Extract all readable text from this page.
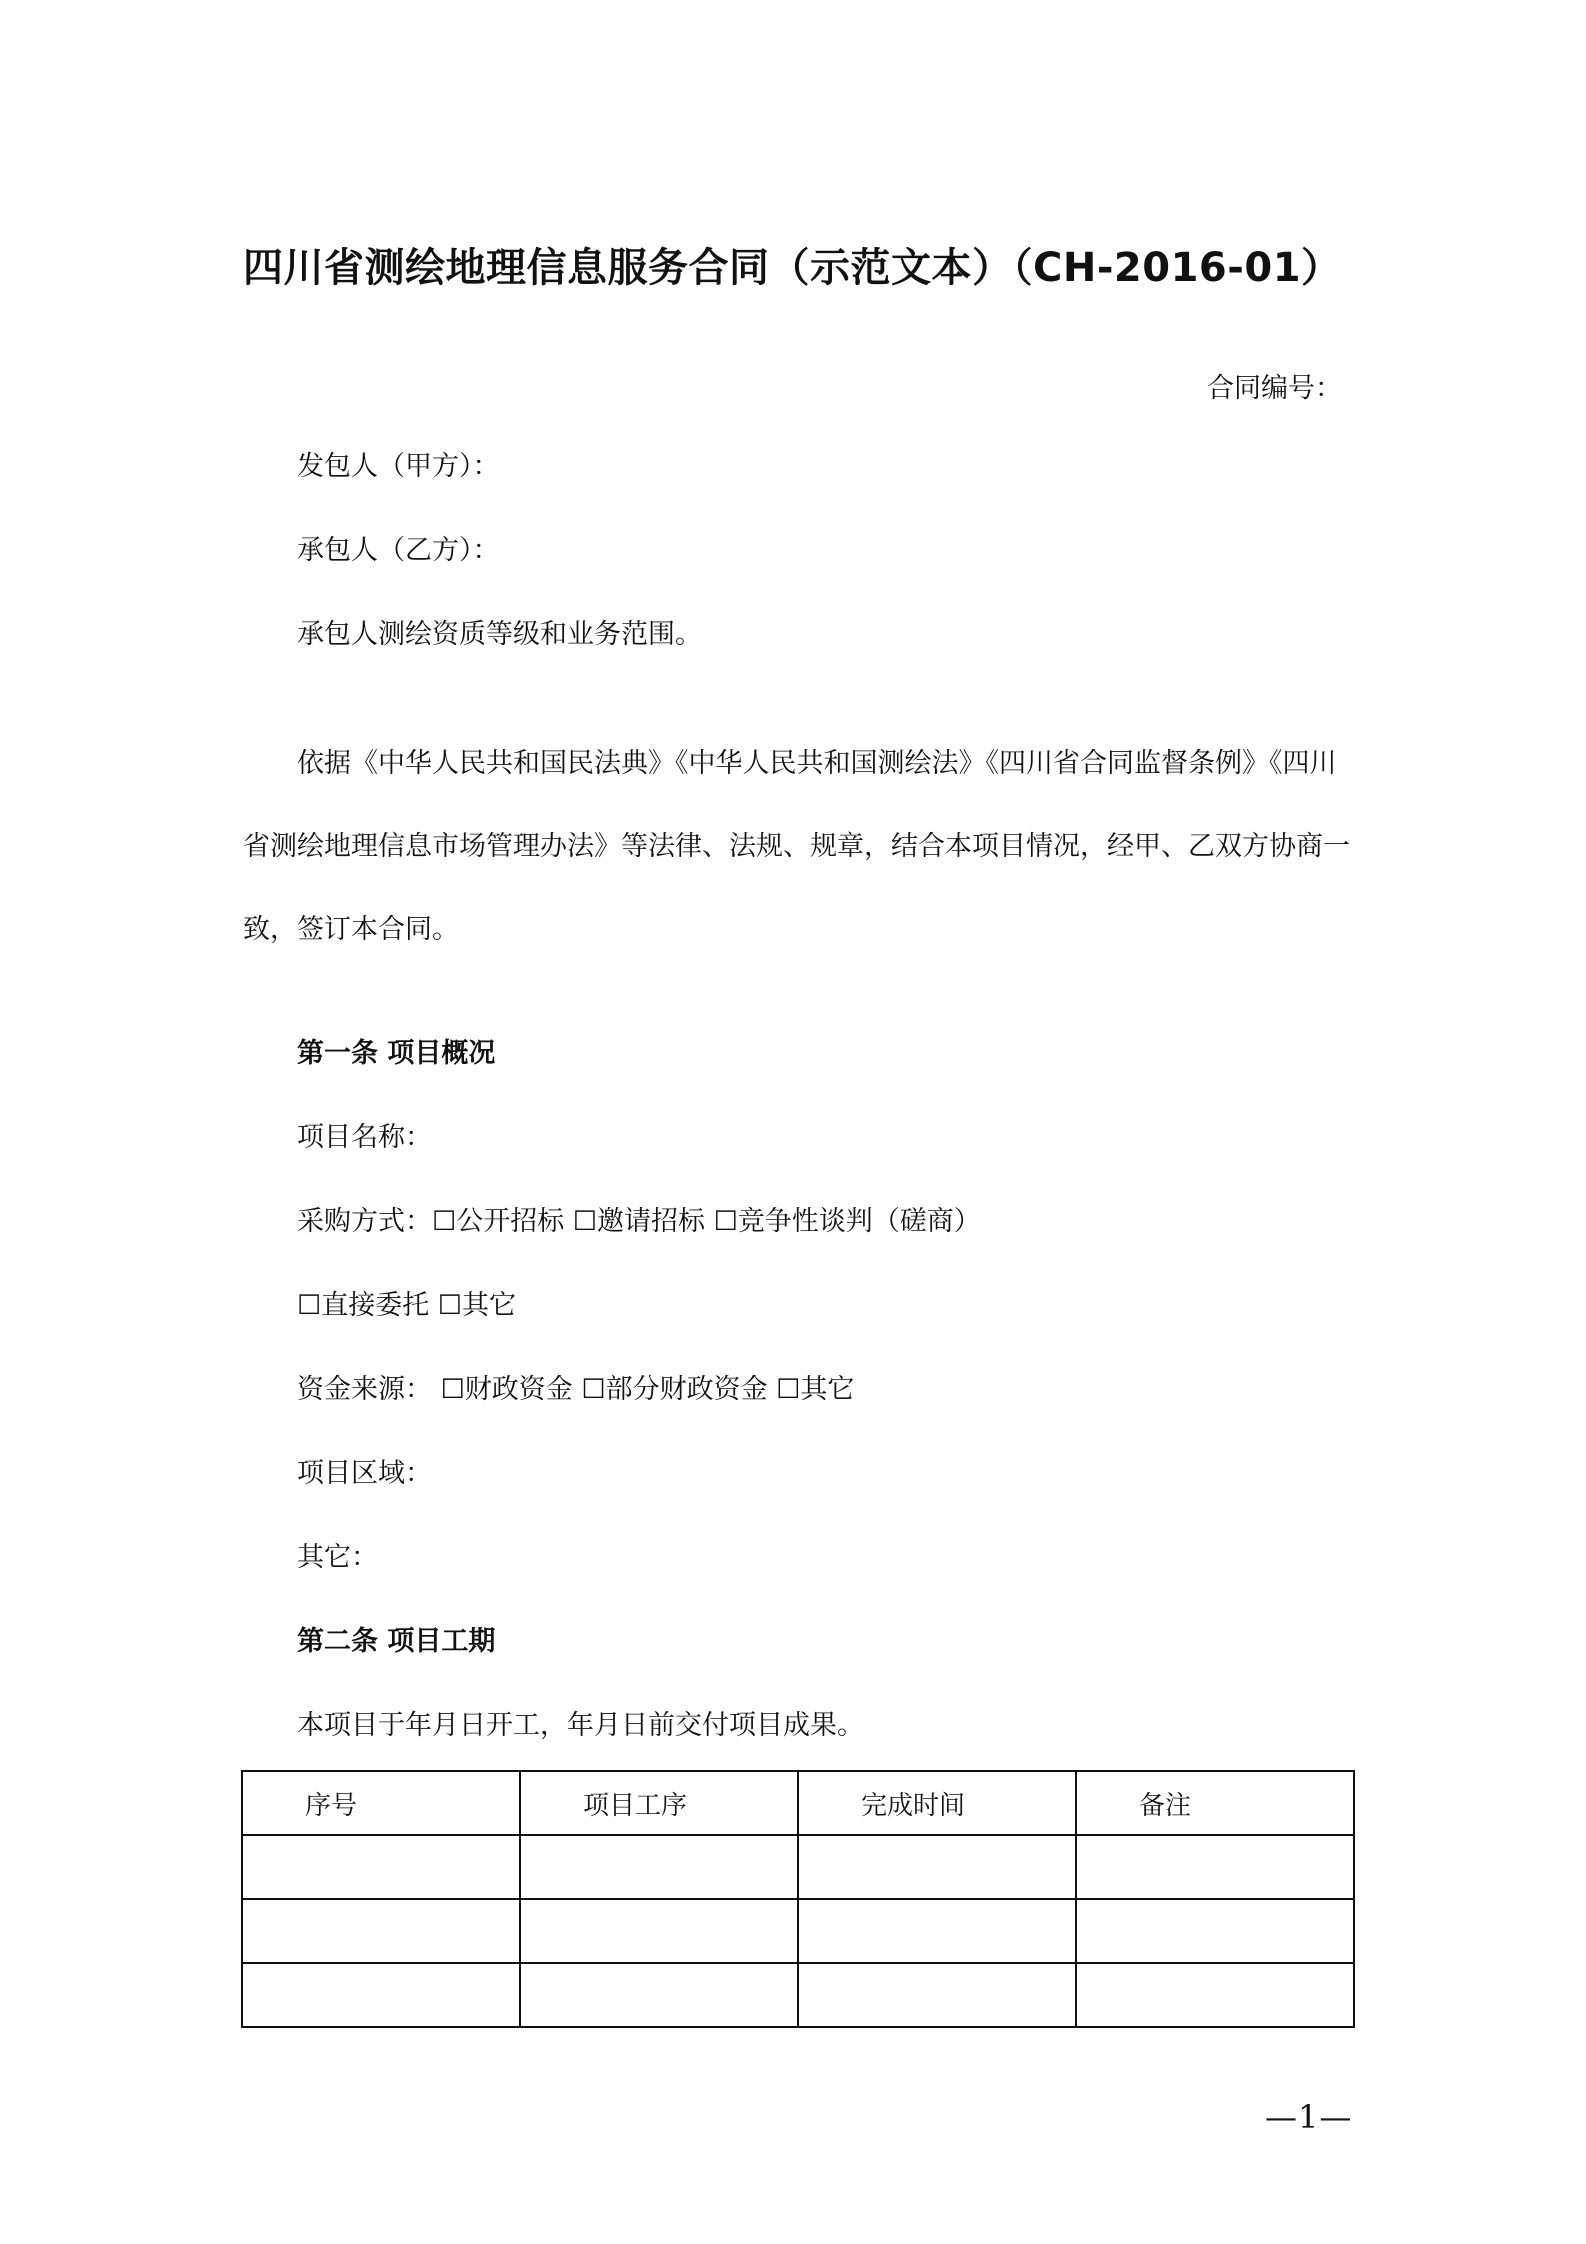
四川省测绘地理信息服务合同（示范文本）（CH-2016-01）
合同编号：
发包人（甲方）：
承包人（乙方）：
承包人测绘资质等级和业务范围。
依据《中华人民共和国民法典》《中华人民共和国测绘法》《四川省合同监督条例》《四川省测绘地理信息市场管理办法》等法律、法规、规章，结合本项目情况，经甲、乙双方协商一致，签订本合同。
第一条 项目概况
项目名称：
采购方式：☐公开招标 ☐邀请招标 ☐竞争性谈判（磋商）
☐直接委托 ☐其它
资金来源： ☐财政资金 ☐部分财政资金 ☐其它
项目区域：
其它：
第二条 项目工期
本项目于年月日开工，年月日前交付项目成果。
序号	项目工序	完成时间	备注

—1—
